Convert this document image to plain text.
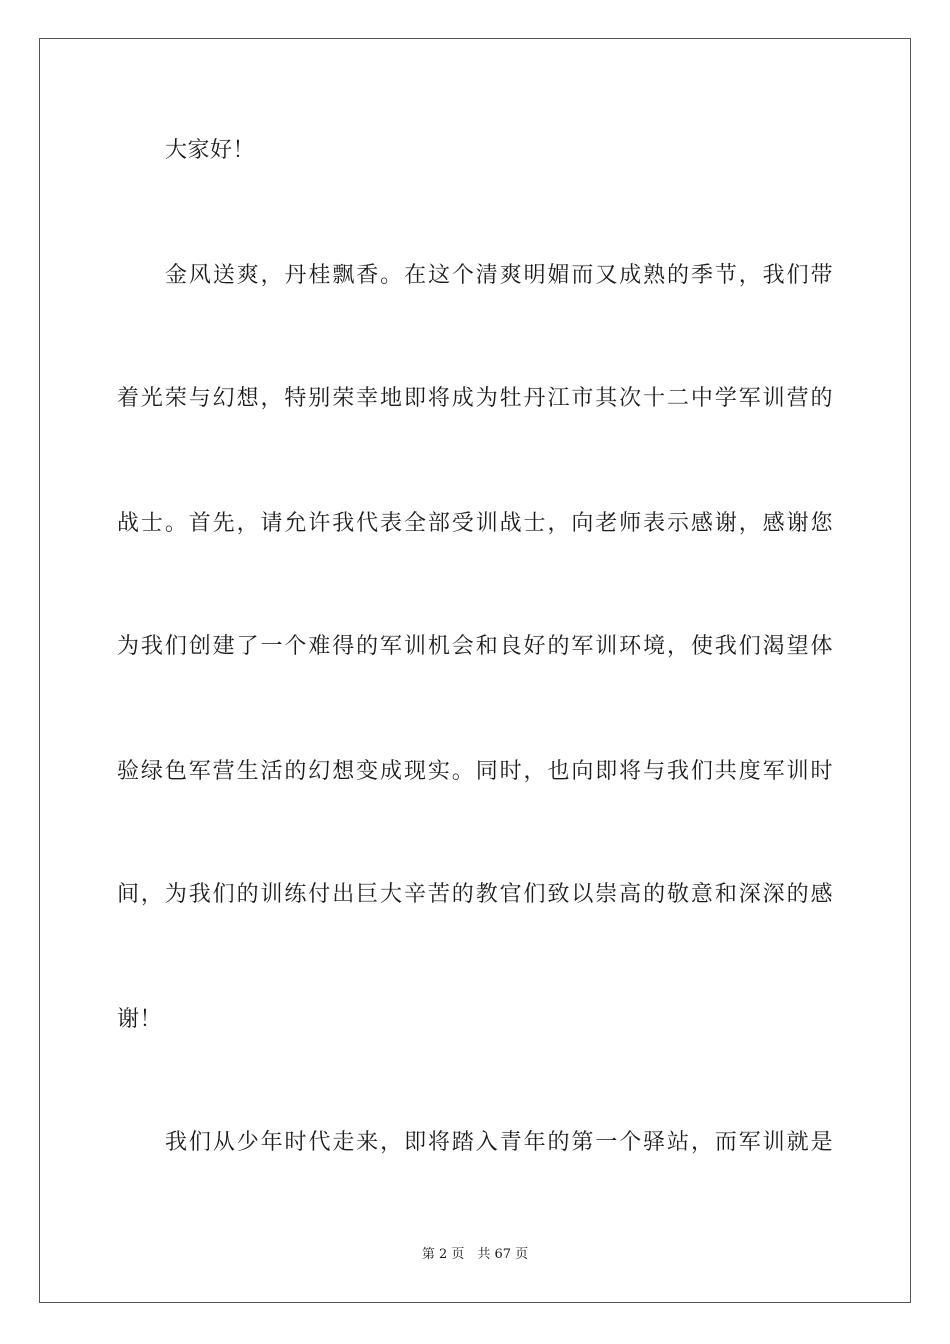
大家好！
金风送爽，丹桂飘香。在这个清爽明媚而又成熟的季节，我们带
着光荣与幻想，特别荣幸地即将成为牡丹江市其次十二中学军训营的
战士。首先，请允许我代表全部受训战士，向老师表示感谢，感谢您
为我们创建了一个难得的军训机会和良好的军训环境，使我们渴望体
验绿色军营生活的幻想变成现实。同时，也向即将与我们共度军训时
间，为我们的训练付出巨大辛苦的教官们致以崇高的敬意和深深的感
谢！
我们从少年时代走来，即将踏入青年的第一个驿站，而军训就是
第 2 页　共 67 页
